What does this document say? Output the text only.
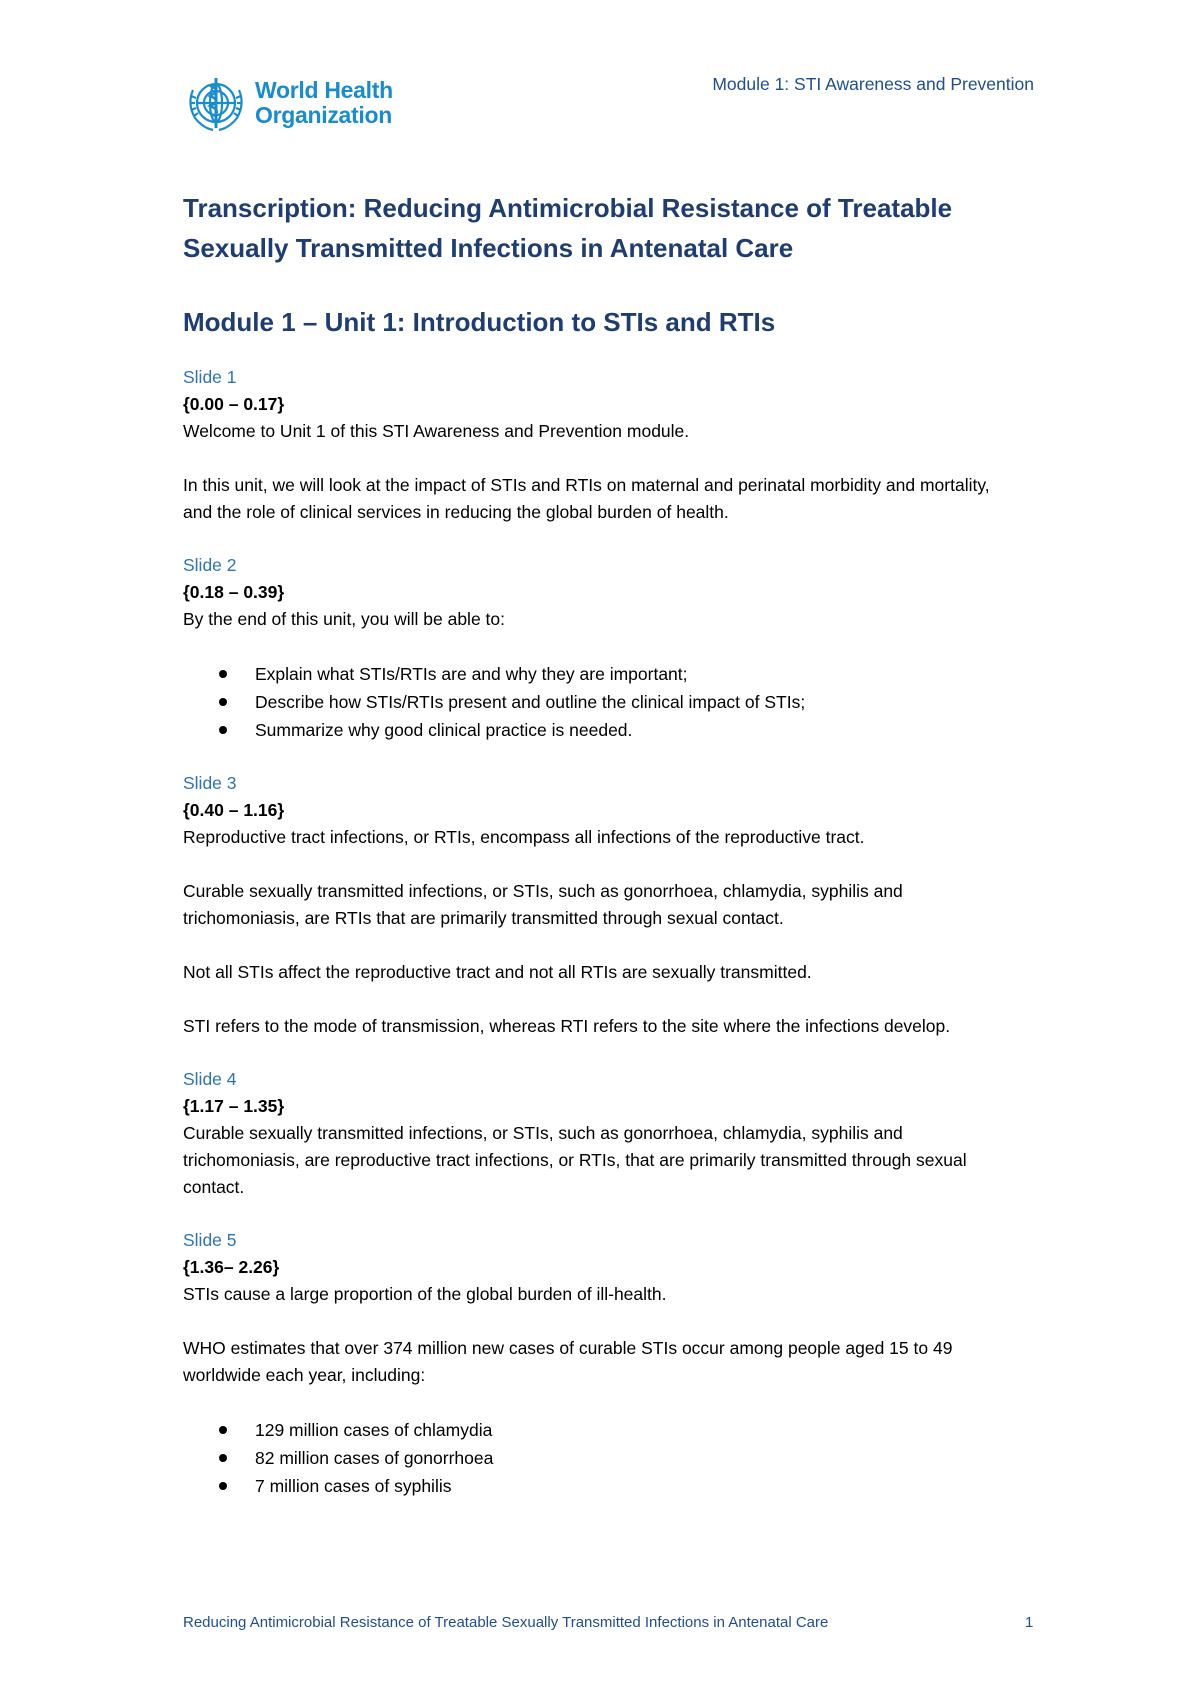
World Health
Organization
Module 1: STI Awareness and Prevention
Transcription: Reducing Antimicrobial Resistance of Treatable Sexually Transmitted Infections in Antenatal Care
Module 1 – Unit 1: Introduction to STIs and RTIs
Slide 1
{0.00 – 0.17}

Welcome to Unit 1 of this STI Awareness and Prevention module.

In this unit, we will look at the impact of STIs and RTIs on maternal and perinatal morbidity and mortality, and the role of clinical services in reducing the global burden of health.

Slide 2
{0.18 – 0.39}

By the end of this unit, you will be able to:

Explain what STIs/RTIs are and why they are important;
Describe how STIs/RTIs present and outline the clinical impact of STIs;
Summarize why good clinical practice is needed.
Slide 3
{0.40 – 1.16}

Reproductive tract infections, or RTIs, encompass all infections of the reproductive tract.

Curable sexually transmitted infections, or STIs, such as gonorrhoea, chlamydia, syphilis and trichomoniasis, are RTIs that are primarily transmitted through sexual contact.

Not all STIs affect the reproductive tract and not all RTIs are sexually transmitted.

STI refers to the mode of transmission, whereas RTI refers to the site where the infections develop.

Slide 4
{1.17 – 1.35}

Curable sexually transmitted infections, or STIs, such as gonorrhoea, chlamydia, syphilis and trichomoniasis, are reproductive tract infections, or RTIs, that are primarily transmitted through sexual contact.

Slide 5
{1.36– 2.26}

STIs cause a large proportion of the global burden of ill-health.

WHO estimates that over 374 million new cases of curable STIs occur among people aged 15 to 49 worldwide each year, including:

129 million cases of chlamydia
82 million cases of gonorrhoea
7 million cases of syphilis
Reducing Antimicrobial Resistance of Treatable Sexually Transmitted Infections in Antenatal Care	1
